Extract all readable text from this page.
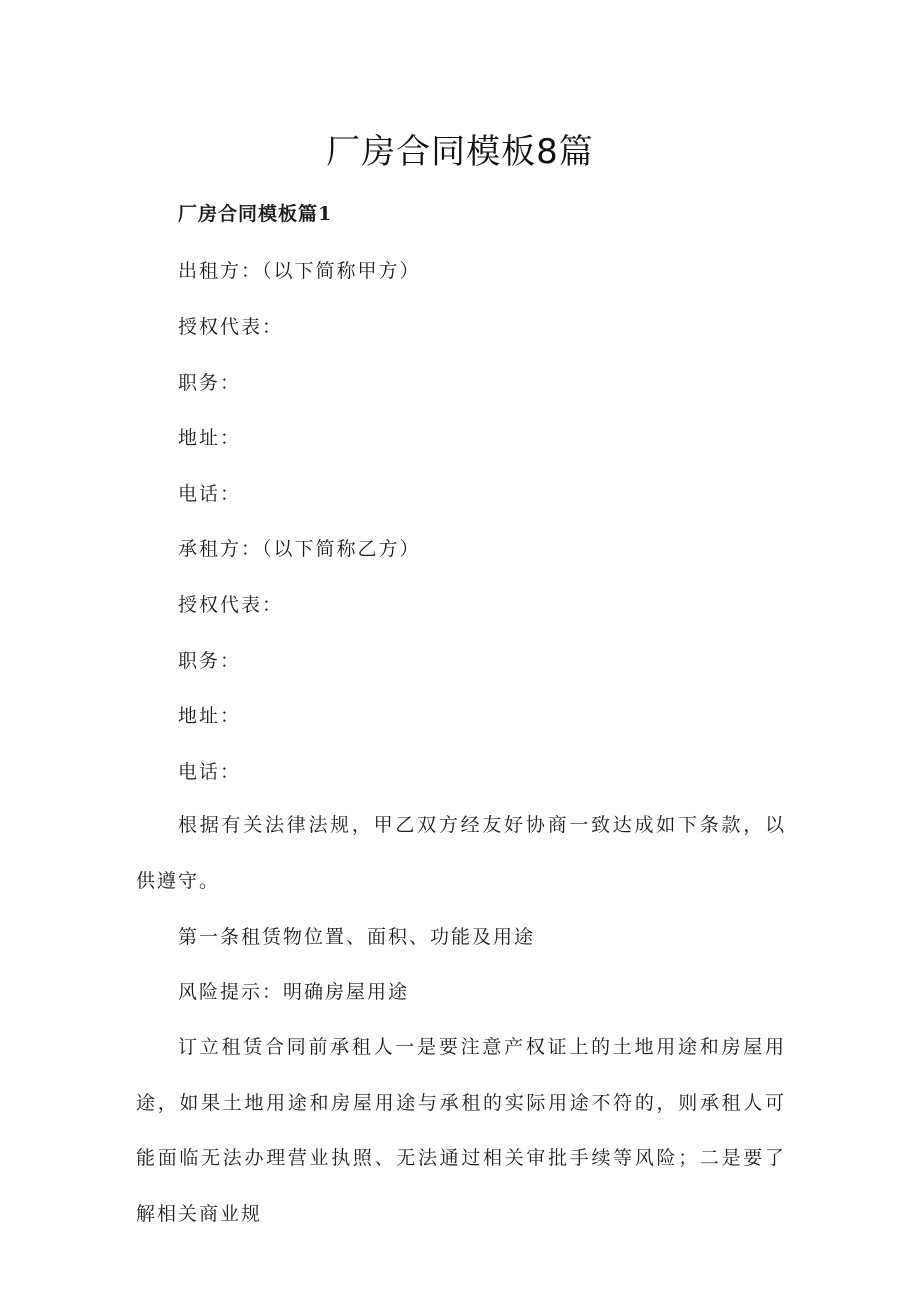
厂房合同模板8篇
厂房合同模板篇1
出租方：（以下简称甲方）
授权代表：
职务：
地址：
电话：
承租方：（以下简称乙方）
授权代表：
职务：
地址：
电话：
根据有关法律法规，甲乙双方经友好协商一致达成如下条款，以供遵守。
第一条租赁物位置、面积、功能及用途
风险提示：明确房屋用途
订立租赁合同前承租人一是要注意产权证上的土地用途和房屋用途，如果土地用途和房屋用途与承租的实际用途不符的，则承租人可能面临无法办理营业执照、无法通过相关审批手续等风险；二是要了解相关商业规
